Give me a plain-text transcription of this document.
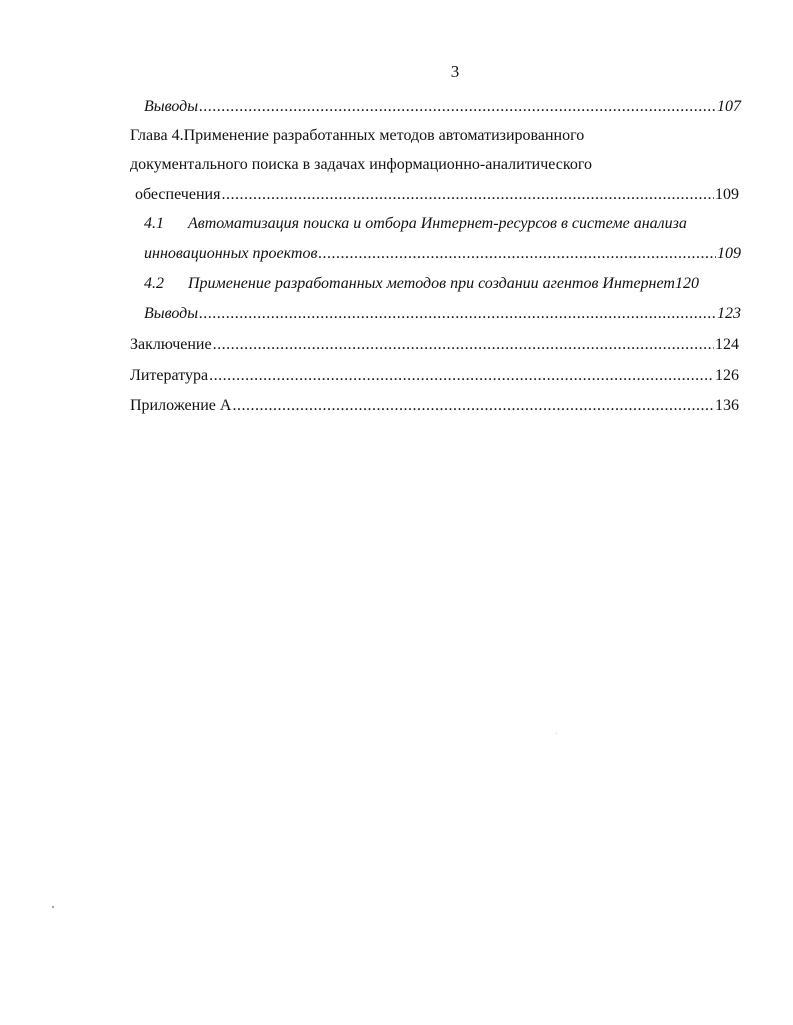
3
Выводы .....	107
Глава 4.Применение разработанных методов автоматизированного
документального поиска в задачах информационно-аналитического
обеспечения .....	109
4.1 Автоматизация поиска и отбора Интернет-ресурсов в системе анализа
инновационных проектов .....	109
4.2 Применение разработанных методов при создании агентов Интернет120
Выводы .....	123
Заключение .....	124
Литература .....	126
Приложение А .....	136
